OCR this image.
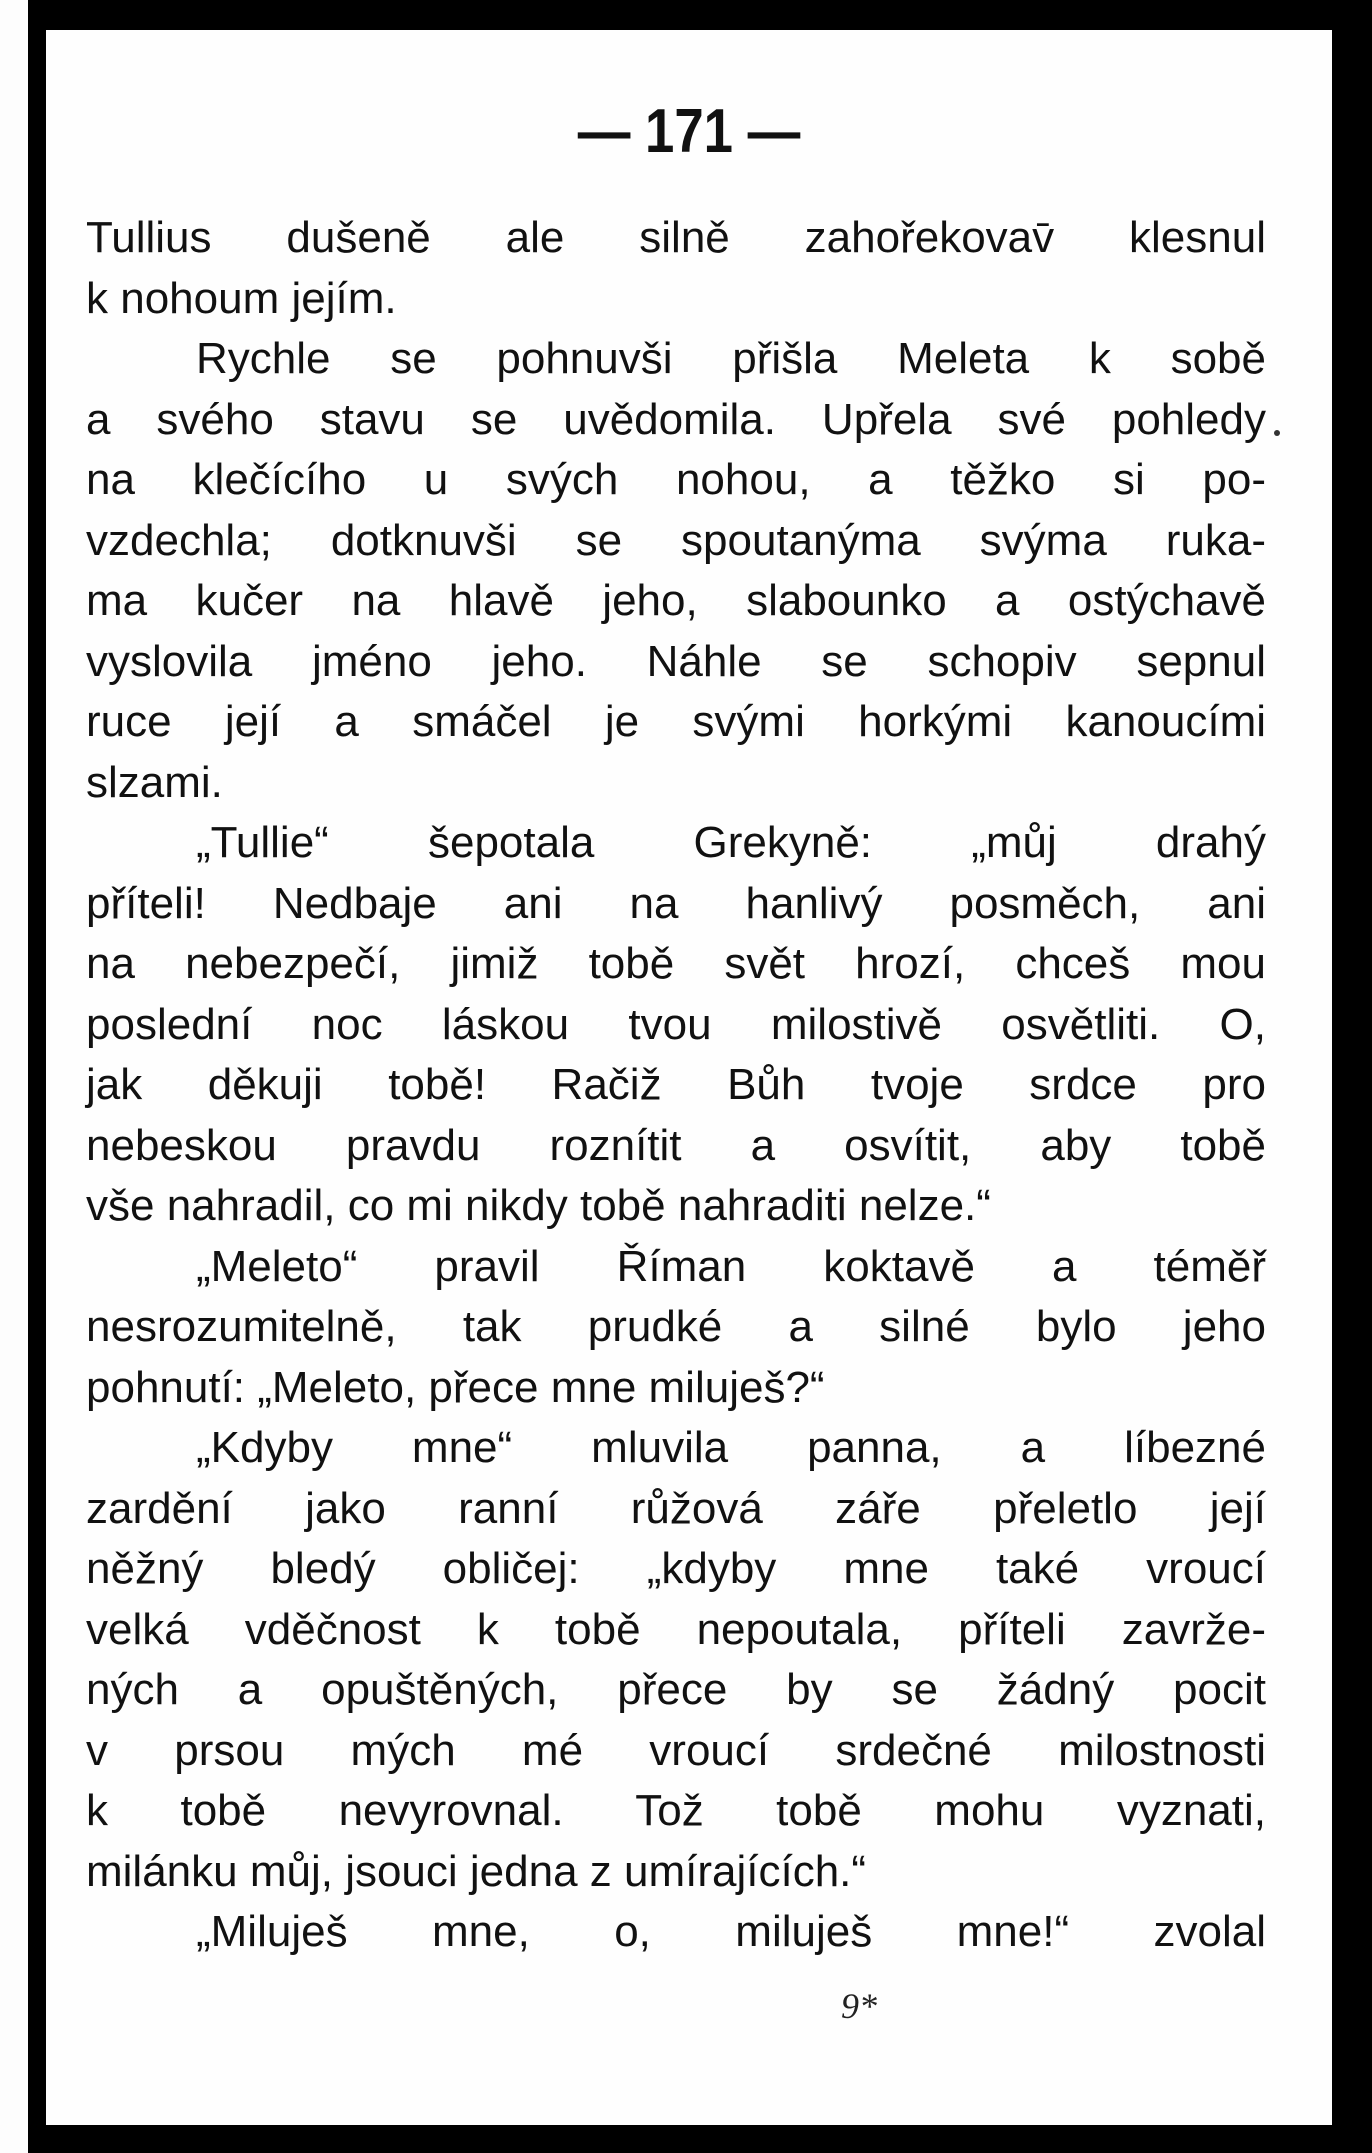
— 171 —
Tullius dušeně ale silně zahořekovav̄ klesnul
k nohoum jejím.
Rychle se pohnuvši přišla Meleta k sobě
a svého stavu se uvědomila. Upřela své pohledy
na klečícího u svých nohou, a těžko si po-
vzdechla; dotknuvši se spoutanýma svýma ruka-
ma kučer na hlavě jeho, slabounko a ostýchavě
vyslovila jméno jeho. Náhle se schopiv sepnul
ruce její a smáčel je svými horkými kanoucími
slzami.
„Tullie“ šepotala Grekyně: „můj drahý
příteli! Nedbaje ani na hanlivý posměch, ani
na nebezpečí, jimiž tobě svět hrozí, chceš mou
poslední noc láskou tvou milostivě osvětliti. O,
jak děkuji tobě! Račiž Bůh tvoje srdce pro
nebeskou pravdu roznítit a osvítit, aby tobě
vše nahradil, co mi nikdy tobě nahraditi nelze.“
„Meleto“ pravil Říman koktavě a téměř
nesrozumitelně, tak prudké a silné bylo jeho
pohnutí: „Meleto, přece mne miluješ?“
„Kdyby mne“ mluvila panna, a líbezné
zardění jako ranní růžová záře přeletlo její
něžný bledý obličej: „kdyby mne také vroucí
velká vděčnost k tobě nepoutala, příteli zavrže-
ných a opuštěných, přece by se žádný pocit
v prsou mých mé vroucí srdečné milostnosti
k tobě nevyrovnal. Tož tobě mohu vyznati,
milánku můj, jsouci jedna z umírajících.“
„Miluješ mne, o, miluješ mne!“ zvolal
9*
